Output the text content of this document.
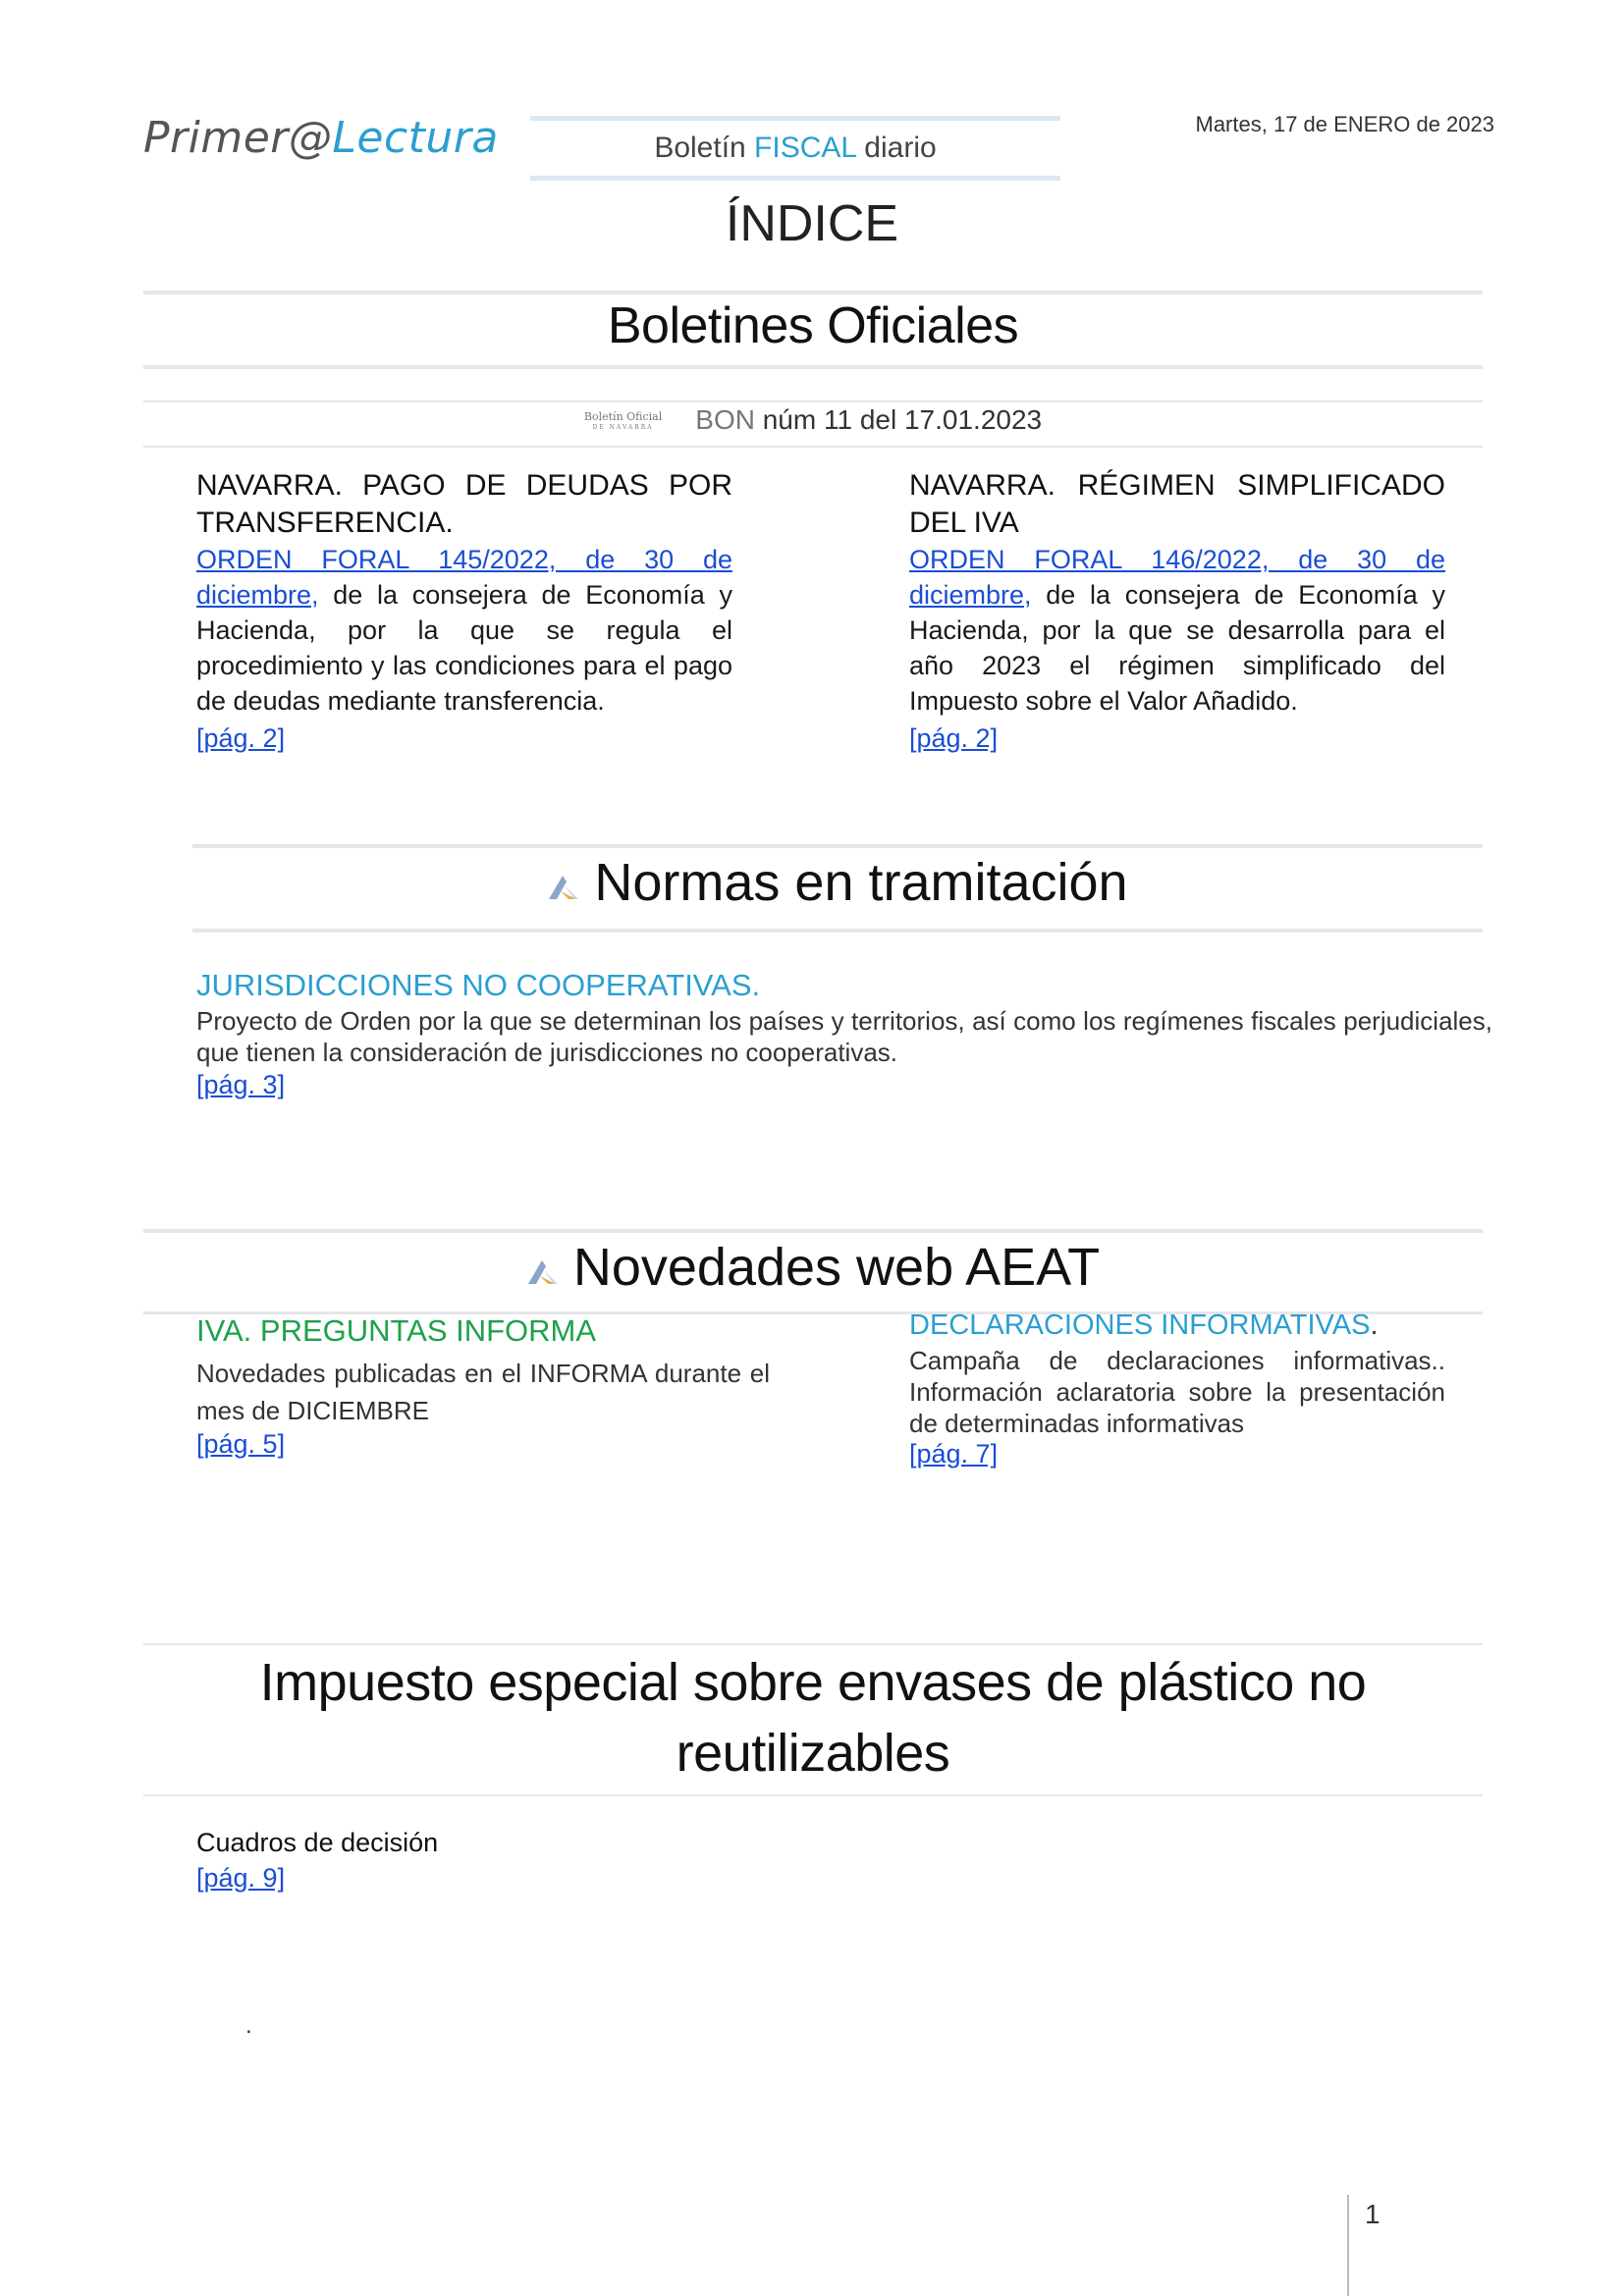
Primer@Lectura	Boletín FISCAL diario
Martes, 17 de ENERO de 2023
ÍNDICE
Boletines Oficiales
Boletín Oficial
DE NAVARRA	BON núm 11 del 17.01.2023
NAVARRA. PAGO DE DEUDAS POR TRANSFERENCIA.
ORDEN FORAL 145/2022, de 30 de diciembre, de la consejera de Economía y Hacienda, por la que se regula el procedimiento y las condiciones para el pago de deudas mediante transferencia.
[pág. 2]
NAVARRA. RÉGIMEN SIMPLIFICADO DEL IVA
ORDEN FORAL 146/2022, de 30 de diciembre, de la consejera de Economía y Hacienda, por la que se desarrolla para el año 2023 el régimen simplificado del Impuesto sobre el Valor Añadido.
[pág. 2]
Normas en tramitación
JURISDICCIONES NO COOPERATIVAS.
Proyecto de Orden por la que se determinan los países y territorios, así como los regímenes fiscales perjudiciales, que tienen la consideración de jurisdicciones no cooperativas.
[pág. 3]
Novedades web AEAT
IVA. PREGUNTAS INFORMA
Novedades publicadas en el INFORMA durante el mes de DICIEMBRE
[pág. 5]
DECLARACIONES INFORMATIVAS.
Campaña de declaraciones informativas.. Información aclaratoria sobre la presentación de determinadas informativas
[pág. 7]
Impuesto especial sobre envases de plástico no
reutilizables
Cuadros de decisión
[pág. 9]
.
1
